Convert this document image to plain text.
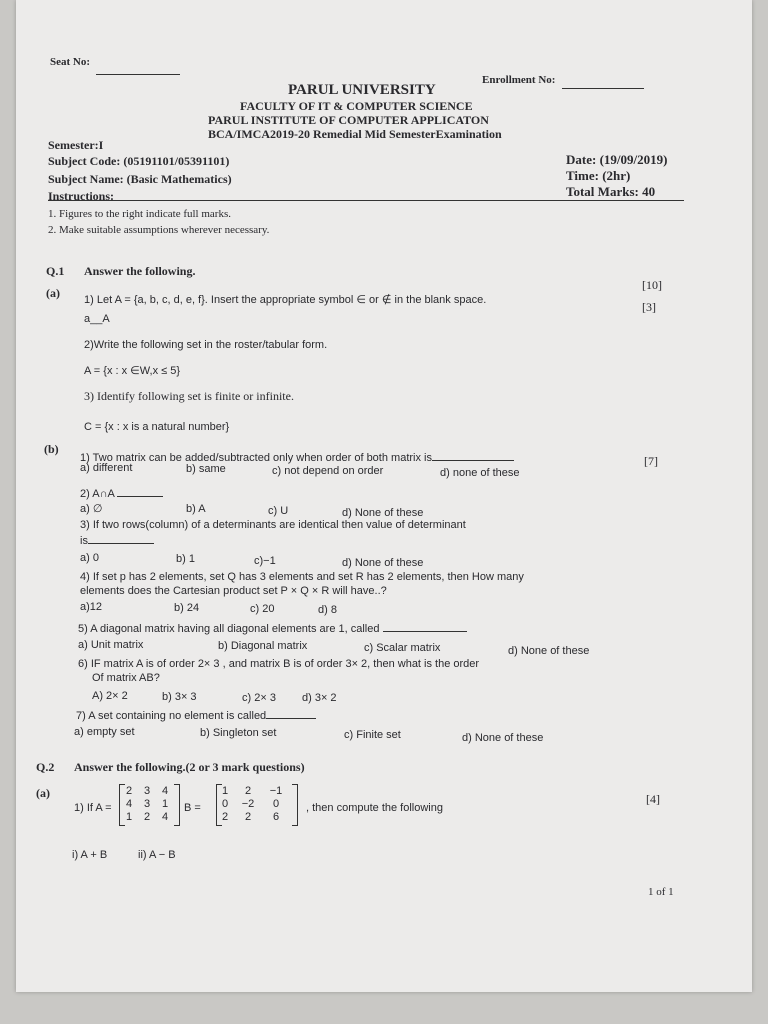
Seat No:
Enrollment No:
PARUL UNIVERSITY
FACULTY OF IT & COMPUTER SCIENCE
PARUL INSTITUTE OF COMPUTER APPLICATON
BCA/IMCA2019-20 Remedial Mid SemesterExamination
Semester:I
Subject Code: (05191101/05391101)
Subject Name: (Basic Mathematics)
Date: (19/09/2019)
Time: (2hr)
Total Marks: 40
Instructions:
1. Figures to the right indicate full marks.
2. Make suitable assumptions wherever necessary.
Q.1 Answer the following.
[10]
(a)
[3]
1) Let A = {a, b, c, d, e, f}. Insert the appropriate symbol ∈ or ∉ in the blank space.
a__A
2)Write the following set in the roster/tabular form.
A = {x : x ∈W,x ≤ 5}
3) Identify following set is finite or infinite.
C = {x : x is a natural number}
(b)
[7]
1) Two matrix can be added/subtracted only when order of both matrix is
a) different	b) same	c) not depend on order	d) none of these
2) A∩A
a) ∅	b) A	c) U	d) None of these
3) If two rows(column) of a determinants are identical then value of determinant
is
a) 0	b) 1	c)−1	d) None of these
4) If set p has 2 elements, set Q has 3 elements and set R has 2 elements, then How many
elements does the Cartesian product set P × Q × R will have..?
a)12	b) 24	c) 20	d) 8
5) A diagonal matrix having all diagonal elements are 1, called
a) Unit matrix	b) Diagonal matrix	c) Scalar matrix	d) None of these
6) IF matrix A is of order 2× 3 , and matrix B is of order 3× 2, then what is the order
Of matrix AB?
A) 2× 2	b) 3× 3	c) 2× 3 d) 3× 2
7) A set containing no element is called
a) empty set	b) Singleton set	c) Finite set	d) None of these
Q.2 Answer the following.(2 or 3 mark questions)
(a)	[4]
1) If A =
2	3	4
4	3	1
1	2	4
B =
1	2	−1
0	−2	0
2	2	6
, then compute the following
i) A + B	ii) A − B
1 of 1
